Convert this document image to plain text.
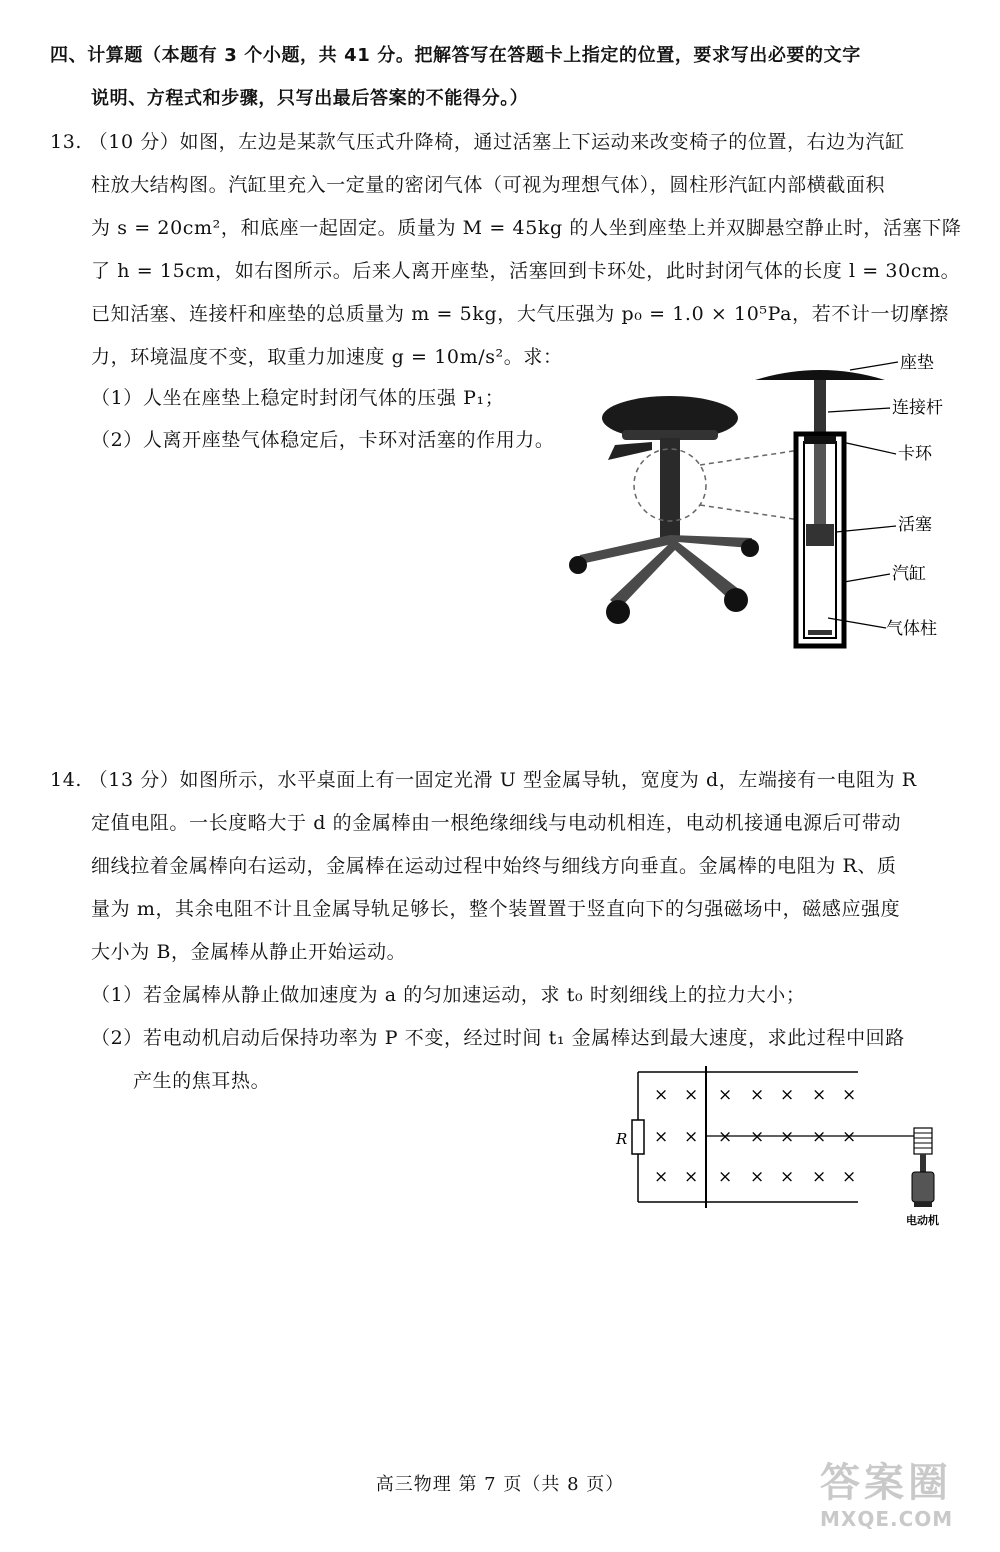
四、计算题（本题有 3 个小题，共 41 分。把解答写在答题卡上指定的位置，要求写出必要的文字
说明、方程式和步骤，只写出最后答案的不能得分。）
13. （10 分）如图，左边是某款气压式升降椅，通过活塞上下运动来改变椅子的位置，右边为汽缸
柱放大结构图。汽缸里充入一定量的密闭气体（可视为理想气体），圆柱形汽缸内部横截面积
为 s = 20cm²，和底座一起固定。质量为 M = 45kg 的人坐到座垫上并双脚悬空静止时，活塞下降
了 h = 15cm，如右图所示。后来人离开座垫，活塞回到卡环处，此时封闭气体的长度 l = 30cm。
已知活塞、连接杆和座垫的总质量为 m = 5kg，大气压强为 p₀ = 1.0 × 10⁵Pa，若不计一切摩擦
力，环境温度不变，取重力加速度 g = 10m/s²。求：
（1）人坐在座垫上稳定时封闭气体的压强 P₁；
（2）人离开座垫气体稳定后，卡环对活塞的作用力。
座垫
连接杆
卡环
活塞
汽缸
气体柱
14. （13 分）如图所示，水平桌面上有一固定光滑 U 型金属导轨，宽度为 d，左端接有一电阻为 R
定值电阻。一长度略大于 d 的金属棒由一根绝缘细线与电动机相连，电动机接通电源后可带动
细线拉着金属棒向右运动，金属棒在运动过程中始终与细线方向垂直。金属棒的电阻为 R、质
量为 m，其余电阻不计且金属导轨足够长，整个装置置于竖直向下的匀强磁场中，磁感应强度
大小为 B，金属棒从静止开始运动。
（1）若金属棒从静止做加速度为 a 的匀加速运动，求 t₀ 时刻细线上的拉力大小；
（2）若电动机启动后保持功率为 P 不变，经过时间 t₁ 金属棒达到最大速度，求此过程中回路
产生的焦耳热。
R
× × × × × × ×
× × × × × × ×
× × × × × × ×
电动机
高三物理 第 7 页（共 8 页）	答案圈
MXQE.COM
